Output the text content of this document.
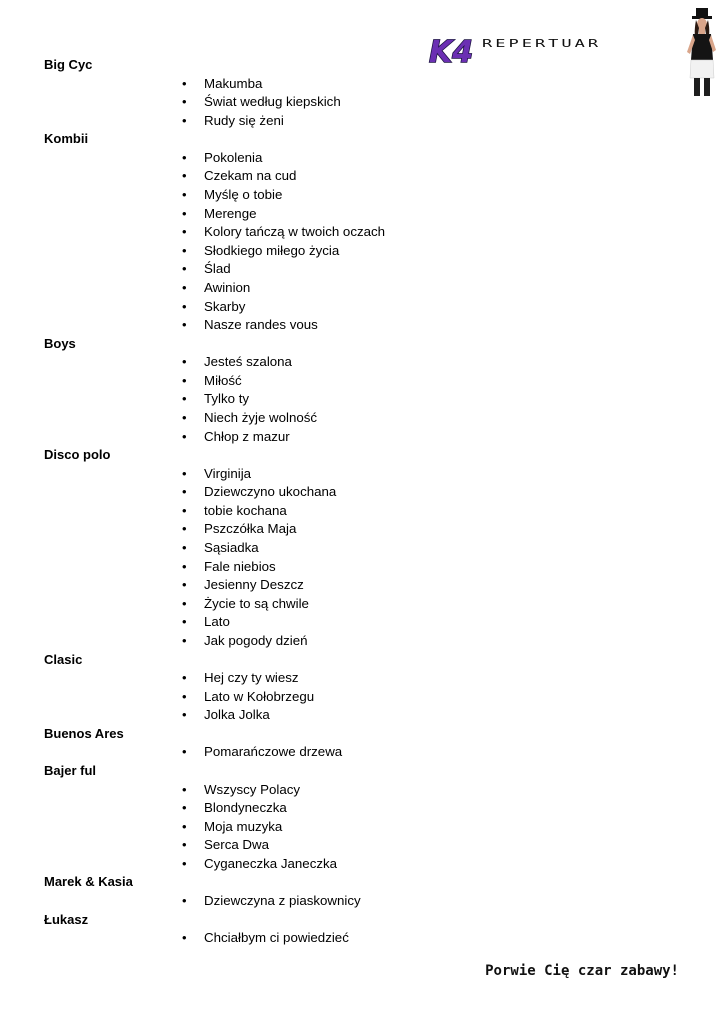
K4 REPERTUAR
Big Cyc
• Makumba
• Świat według kiepskich
• Rudy się żeni
Kombii
• Pokolenia
• Czekam na cud
• Myślę o tobie
• Merenge
• Kolory tańczą w twoich oczach
• Słodkiego miłego życia
• Ślad
• Awinion
• Skarby
• Nasze randes vous
Boys
• Jesteś szalona
• Miłość
• Tylko ty
• Niech żyje wolność
• Chłop z mazur
Disco polo
• Virginija
• Dziewczyno ukochana
• tobie kochana
• Pszczółka Maja
• Sąsiadka
• Fale niebios
• Jesienny Deszcz
• Życie to są chwile
• Lato
• Jak pogody dzień
Clasic
• Hej czy ty wiesz
• Lato w Kołobrzegu
• Jolka Jolka
Buenos Ares
• Pomarańczowe drzewa
Bajer ful
• Wszyscy Polacy
• Blondyneczka
• Moja muzyka
• Serca Dwa
• Cyganeczka Janeczka
Marek & Kasia
• Dziewczyna z piaskownicy
Łukasz
• Chciałbym ci powiedzieć
Porwie Cię czar zabawy!
